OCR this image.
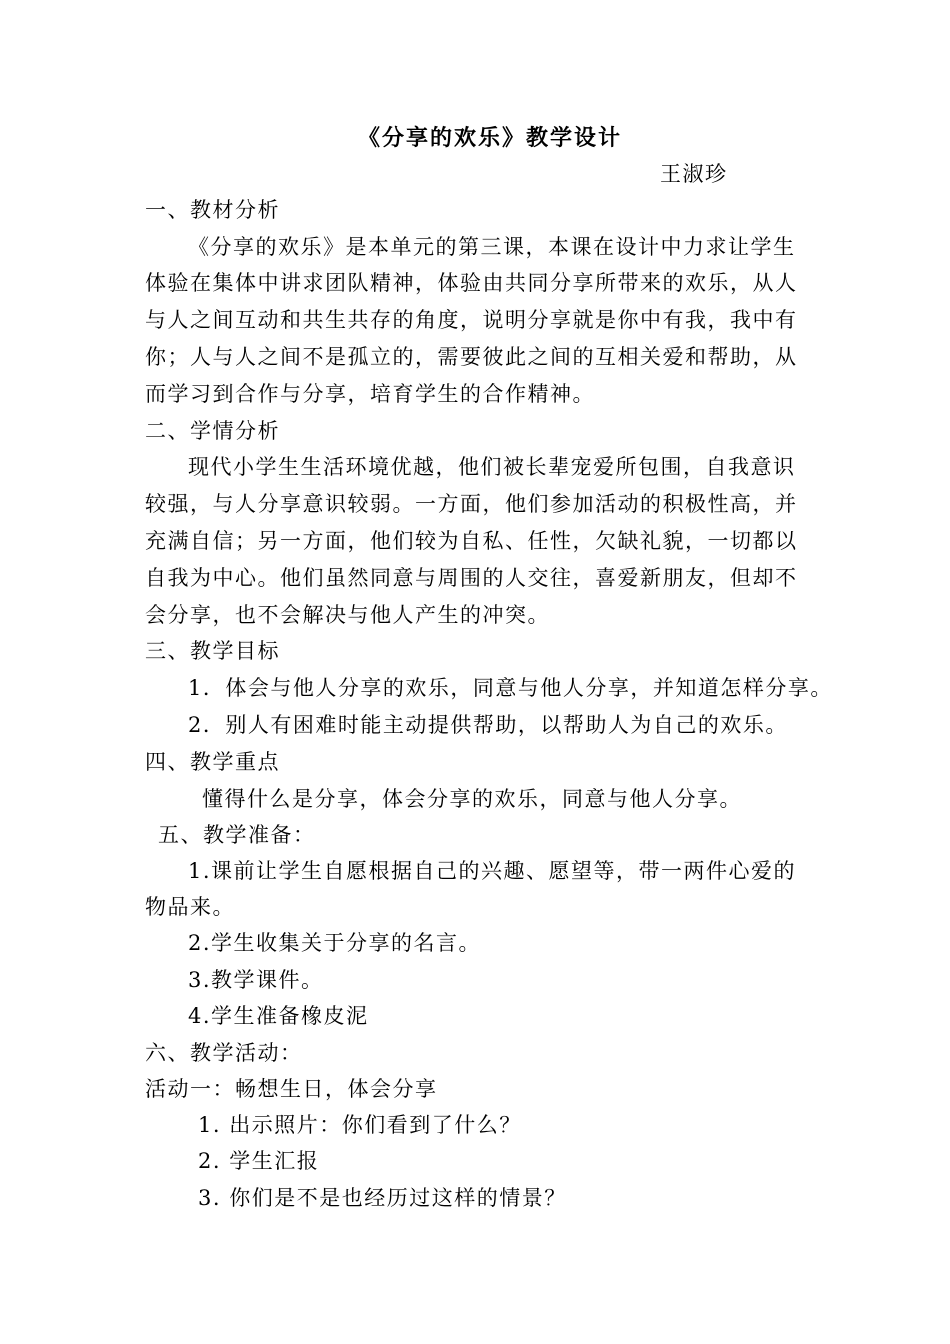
《分享的欢乐》教学设计
王淑珍
一、教材分析
《分享的欢乐》是本单元的第三课，本课在设计中力求让学生
体验在集体中讲求团队精神，体验由共同分享所带来的欢乐，从人
与人之间互动和共生共存的角度，说明分享就是你中有我，我中有
你；人与人之间不是孤立的，需要彼此之间的互相关爱和帮助，从
而学习到合作与分享，培育学生的合作精神。
二、学情分析
现代小学生生活环境优越，他们被长辈宠爱所包围，自我意识
较强，与人分享意识较弱。一方面，他们参加活动的积极性高，并
充满自信；另一方面，他们较为自私、任性，欠缺礼貌，一切都以
自我为中心。他们虽然同意与周围的人交往，喜爱新朋友，但却不
会分享，也不会解决与他人产生的冲突。
三、教学目标
1．体会与他人分享的欢乐，同意与他人分享，并知道怎样分享。
2．别人有困难时能主动提供帮助，以帮助人为自己的欢乐。
四、教学重点
懂得什么是分享，体会分享的欢乐，同意与他人分享。
五、教学准备：
1.课前让学生自愿根据自己的兴趣、愿望等，带一两件心爱的
物品来。
2.学生收集关于分享的名言。
3.教学课件。
4.学生准备橡皮泥
六、教学活动：
活动一：畅想生日，体会分享
1. 出示照片：你们看到了什么？
2. 学生汇报
3. 你们是不是也经历过这样的情景？
